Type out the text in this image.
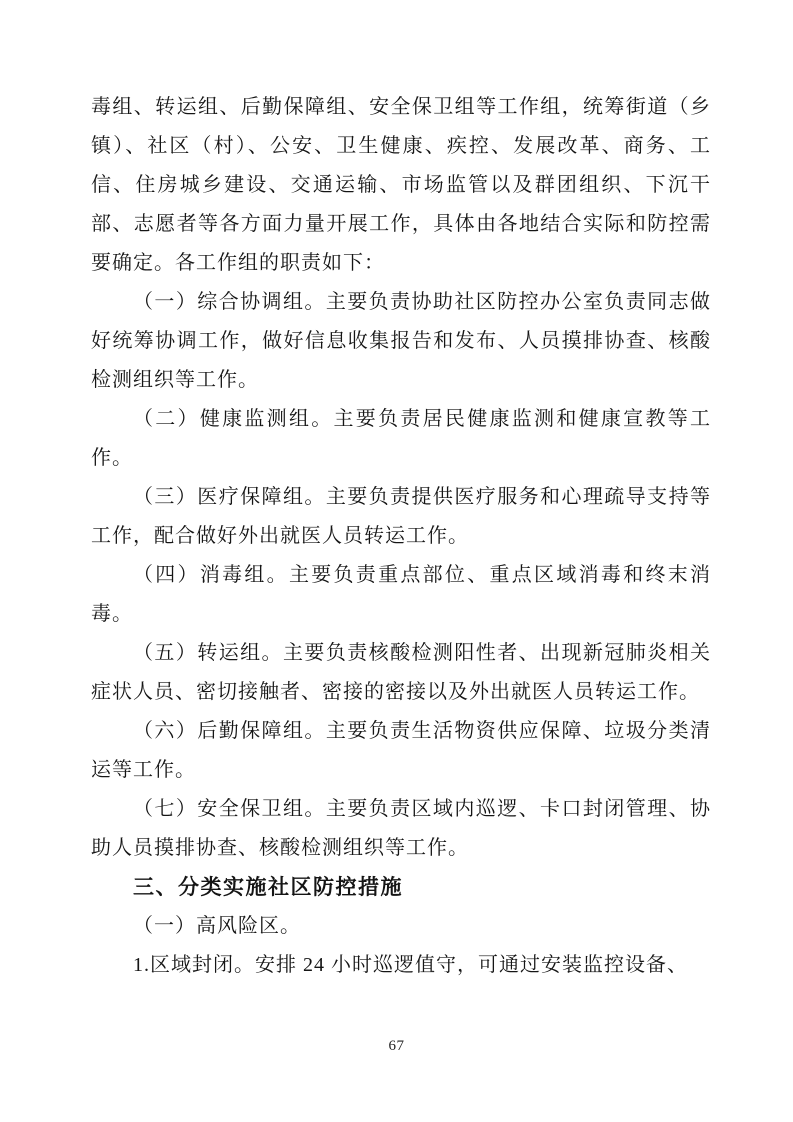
毒组、转运组、后勤保障组、安全保卫组等工作组，统筹街道（乡镇）、社区（村）、公安、卫生健康、疾控、发展改革、商务、工信、住房城乡建设、交通运输、市场监管以及群团组织、下沉干部、志愿者等各方面力量开展工作，具体由各地结合实际和防控需要确定。各工作组的职责如下：

（一）综合协调组。主要负责协助社区防控办公室负责同志做好统筹协调工作，做好信息收集报告和发布、人员摸排协查、核酸检测组织等工作。

（二）健康监测组。主要负责居民健康监测和健康宣教等工作。

（三）医疗保障组。主要负责提供医疗服务和心理疏导支持等工作，配合做好外出就医人员转运工作。

（四）消毒组。主要负责重点部位、重点区域消毒和终末消毒。

（五）转运组。主要负责核酸检测阳性者、出现新冠肺炎相关症状人员、密切接触者、密接的密接以及外出就医人员转运工作。

（六）后勤保障组。主要负责生活物资供应保障、垃圾分类清运等工作。

（七）安全保卫组。主要负责区域内巡逻、卡口封闭管理、协助人员摸排协查、核酸检测组织等工作。

三、分类实施社区防控措施

（一）高风险区。

1.区域封闭。安排 24 小时巡逻值守，可通过安装监控设备、

67
